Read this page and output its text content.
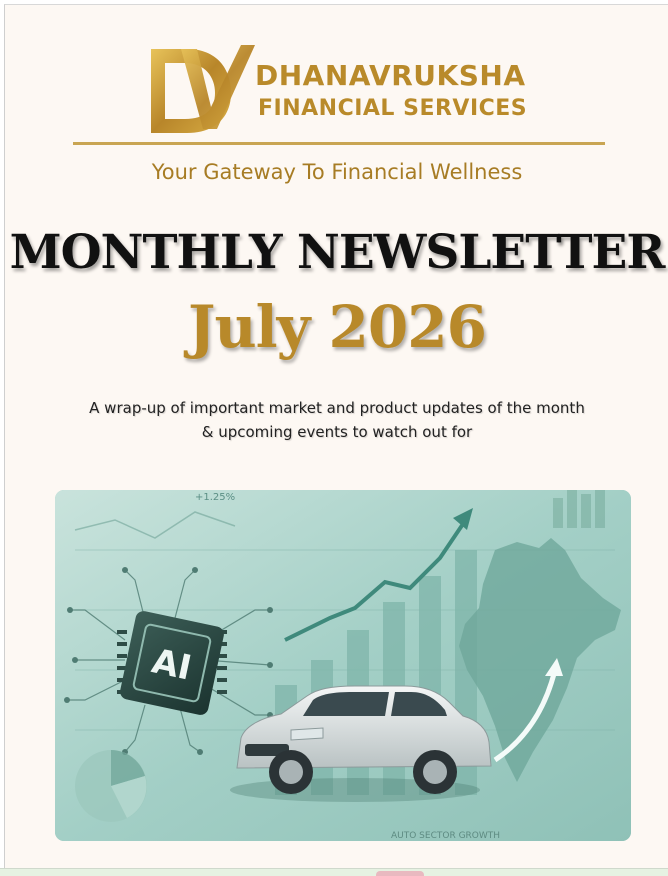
DHANAVRUKSHA
FINANCIAL SERVICES
Your Gateway To Financial Wellness
MONTHLY NEWSLETTER
July 2026
A wrap-up of important market and product updates of the month
& upcoming events to watch out for
+1.25%
AI
AUTO SECTOR GROWTH
